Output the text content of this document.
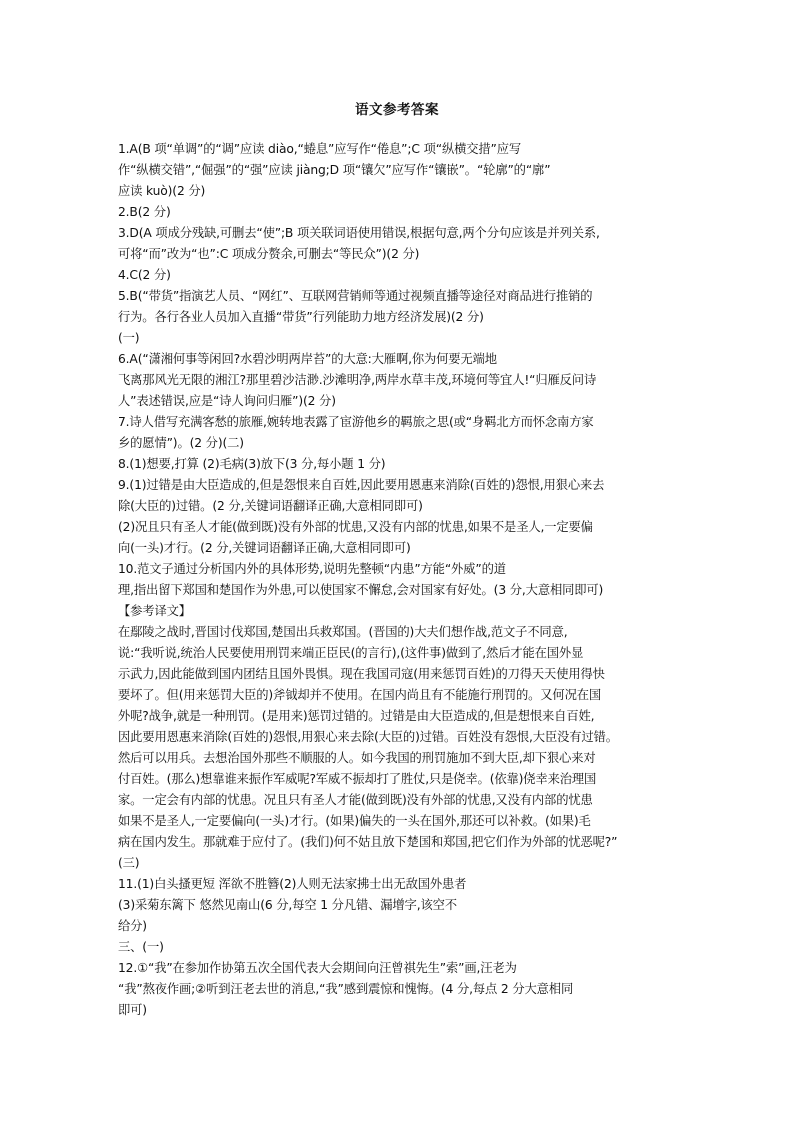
语文参考答案
1.A(B 项“单调”的“调”应读 diào,“蜷息”应写作“倦息”;C 项“纵横交措”应写
作“纵横交错”,“倔强”的“强”应读 jiàng;D 项“镶欠”应写作“镶嵌”。“轮廓”的“廓”
应读 kuò)(2 分)
2.B(2 分)
3.D(A 项成分残缺,可删去“使”;B 项关联词语使用错误,根据句意,两个分句应该是并列关系,
可将“而”改为“也”:C 项成分赘余,可删去“等民众”)(2 分)
4.C(2 分)
5.B(“带货”指演艺人员、“网红”、互联网营销师等通过视频直播等途径对商品进行推销的
行为。各行各业人员加入直播“带货”行列能助力地方经济发展)(2 分)
(一)
6.A(“潇湘何事等闲回?水碧沙明两岸苔”的大意:大雁啊,你为何要无端地
飞离那风光无限的湘江?那里碧沙洁渺.沙滩明净,两岸水草丰茂,环境何等宜人!“归雁反问诗
人”表述错误,应是“诗人询问归雁”)(2 分)
7.诗人借写充满客愁的旅雁,婉转地表露了宦游他乡的羁旅之思(或“身羁北方而怀念南方家
乡的愿情”)。(2 分)(二)
8.(1)想要,打算 (2)毛病(3)放下(3 分,每小题 1 分)
9.(1)过错是由大臣造成的,但是怨恨来自百姓,因此要用恩惠来消除(百姓的)怨恨,用狠心来去
除(大臣的)过错。(2 分,关键词语翻译正确,大意相同即可)
(2)况且只有圣人才能(做到既)没有外部的忧患,又没有内部的忧患,如果不是圣人,一定要偏
向(一头)才行。(2 分,关键词语翻译正确,大意相同即可)
10.范文子通过分析国内外的具体形势,说明先整顿“内患”方能“外威”的道
理,指出留下郑国和楚国作为外患,可以使国家不懈怠,会对国家有好处。(3 分,大意相同即可)
【参考译文】
在鄢陵之战时,晋国讨伐郑国,楚国出兵救郑国。(晋国的)大夫们想作战,范文子不同意,
说:“我听说,统治人民要使用刑罚来端正臣民(的言行),(这件事)做到了,然后才能在国外显
示武力,因此能做到国内团结且国外畏惧。现在我国司寇(用来惩罚百姓)的刀得天天使用得快
要坏了。但(用来惩罚大臣的)斧钺却并不使用。在国内尚且有不能施行刑罚的。又何况在国
外呢?战争,就是一种刑罚。(是用来)惩罚过错的。过错是由大臣造成的,但是想恨来自百姓,
因此要用恩惠来消除(百姓的)怨恨,用狠心来去除(大臣的)过错。百姓没有怨恨,大臣没有过错。
然后可以用兵。去想治国外那些不顺服的人。如今我国的刑罚施加不到大臣,却下狠心来对
付百姓。(那么)想靠谁来振作军威呢?军威不振却打了胜仗,只是侥幸。(依靠)侥幸来治理国
家。一定会有内部的忧患。况且只有圣人才能(做到既)没有外部的忧患,又没有内部的忧患
如果不是圣人,一定要偏向(一头)才行。(如果)偏失的一头在国外,那还可以补救。(如果)毛
病在国内发生。那就难于应付了。(我们)何不姑且放下楚国和郑国,把它们作为外部的忧恶呢?”
(三)
11.(1)白头搔更短 浑欲不胜簪(2)人则无法家拂士出无敌国外患者
(3)采菊东篱下 悠然见南山(6 分,每空 1 分凡错、漏增字,该空不
给分)
三、(一)
12.①“我”在参加作协第五次全国代表大会期间向汪曾祺先生”索”画,汪老为
“我”熬夜作画;②听到汪老去世的消息,“我”感到震惊和愧悔。(4 分,每点 2 分大意相同
即可)
